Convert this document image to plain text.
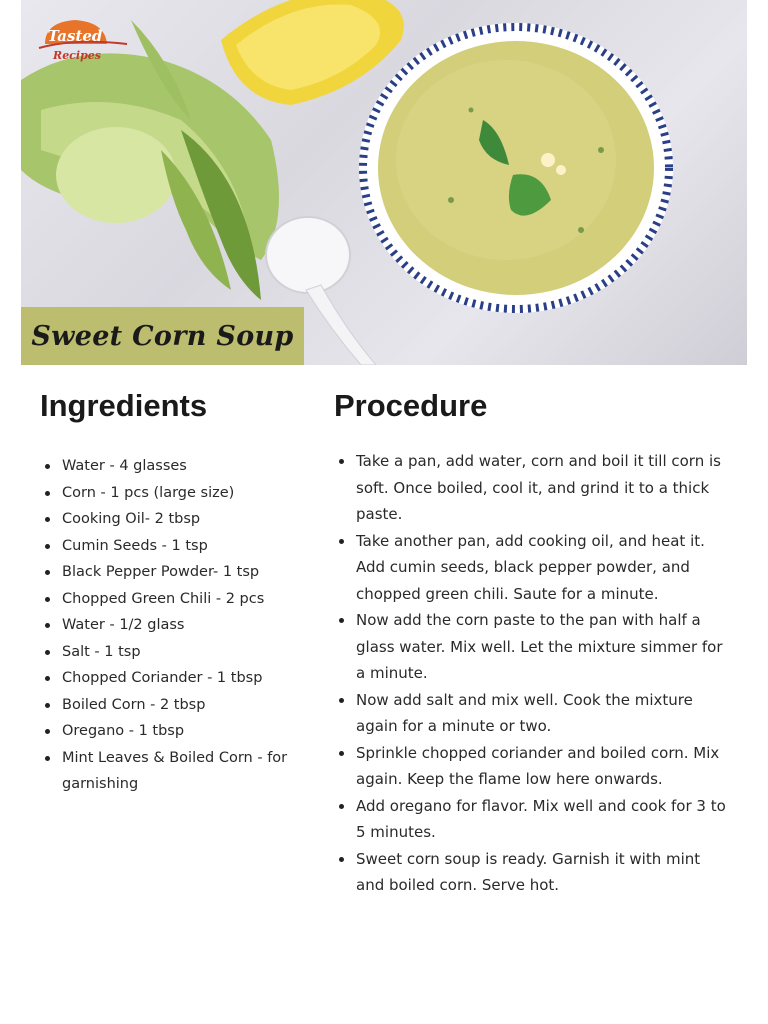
Tasted
Recipes
Sweet Corn Soup
Ingredients
Water - 4 glasses
Corn - 1 pcs (large size)
Cooking Oil- 2 tbsp
Cumin Seeds - 1 tsp
Black Pepper Powder- 1 tsp
Chopped Green Chili - 2 pcs
Water - 1/2 glass
Salt - 1 tsp
Chopped Coriander - 1 tbsp
Boiled Corn - 2 tbsp
Oregano - 1 tbsp
Mint Leaves & Boiled Corn - for garnishing
Procedure
Take a pan, add water, corn and boil it till corn is soft. Once boiled, cool it, and grind it to a thick paste.
Take another pan, add cooking oil, and heat it. Add cumin seeds, black pepper powder, and chopped green chili. Saute for a minute.
Now add the corn paste to the pan with half a glass water. Mix well. Let the mixture simmer for a minute.
Now add salt and mix well. Cook the mixture again for a minute or two.
Sprinkle chopped coriander and boiled corn. Mix again. Keep the flame low here onwards.
Add oregano for flavor. Mix well and cook for 3 to 5 minutes.
Sweet corn soup is ready. Garnish it with mint and boiled corn. Serve hot.
